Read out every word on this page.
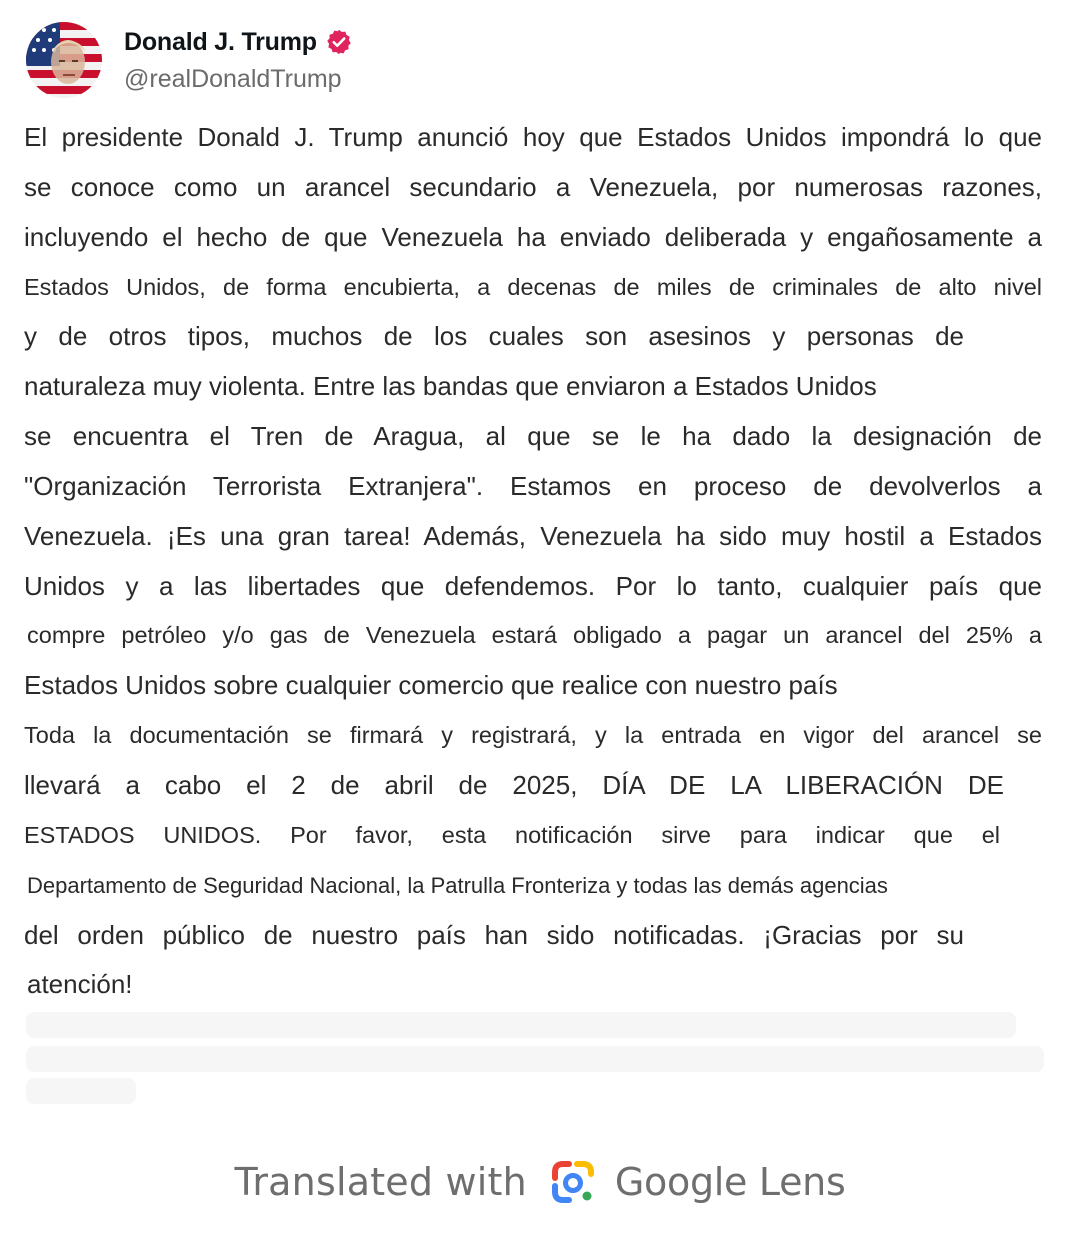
Donald J. Trump
@realDonaldTrump
El presidente Donald J. Trump anunció hoy que Estados Unidos impondrá lo que
se conoce como un arancel secundario a Venezuela, por numerosas razones,
incluyendo el hecho de que Venezuela ha enviado deliberada y engañosamente a
Estados Unidos, de forma encubierta, a decenas de miles de criminales de alto nivel
y de otros tipos, muchos de los cuales son asesinos y personas de
naturaleza muy violenta. Entre las bandas que enviaron a Estados Unidos
se encuentra el Tren de Aragua, al que se le ha dado la designación de
"Organización Terrorista Extranjera". Estamos en proceso de devolverlos a
Venezuela. ¡Es una gran tarea! Además, Venezuela ha sido muy hostil a Estados
Unidos y a las libertades que defendemos. Por lo tanto, cualquier país que
compre petróleo y/o gas de Venezuela estará obligado a pagar un arancel del 25% a
Estados Unidos sobre cualquier comercio que realice con nuestro país
Toda la documentación se firmará y registrará, y la entrada en vigor del arancel se
llevará a cabo el 2 de abril de 2025, DÍA DE LA LIBERACIÓN DE
ESTADOS UNIDOS. Por favor, esta notificación sirve para indicar que el
Departamento de Seguridad Nacional, la Patrulla Fronteriza y todas las demás agencias
del orden público de nuestro país han sido notificadas. ¡Gracias por su
atención!
Translated with Google Lens
